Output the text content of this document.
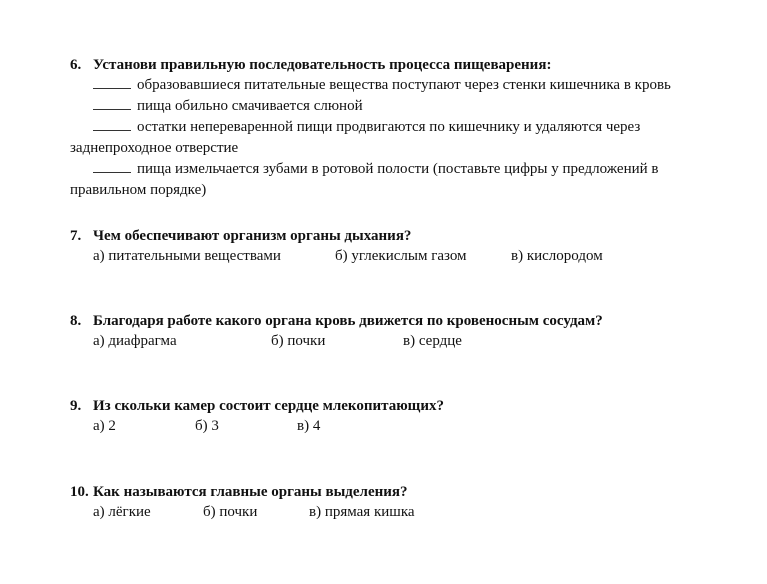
6. Установи правильную последовательность процесса пищеварения:
образовавшиеся питательные вещества поступают через стенки кишечника в кровь
пища обильно смачивается слюной
остатки непереваренной пищи продвигаются по кишечнику и удаляются через
заднепроходное отверстие
пища измельчается зубами в ротовой полости (поставьте цифры у предложений в
правильном порядке)
7. Чем обеспечивают организм органы дыхания?
а) питательными веществами	б) углекислым газом	в) кислородом
8. Благодаря работе какого органа кровь движется по кровеносным сосудам?
а) диафрагма	б) почки	в) сердце
9. Из скольки камер состоит сердце млекопитающих?
а) 2	б) 3	в) 4
10. Как называются главные органы выделения?
а) лёгкие	б) почки	в) прямая кишка
